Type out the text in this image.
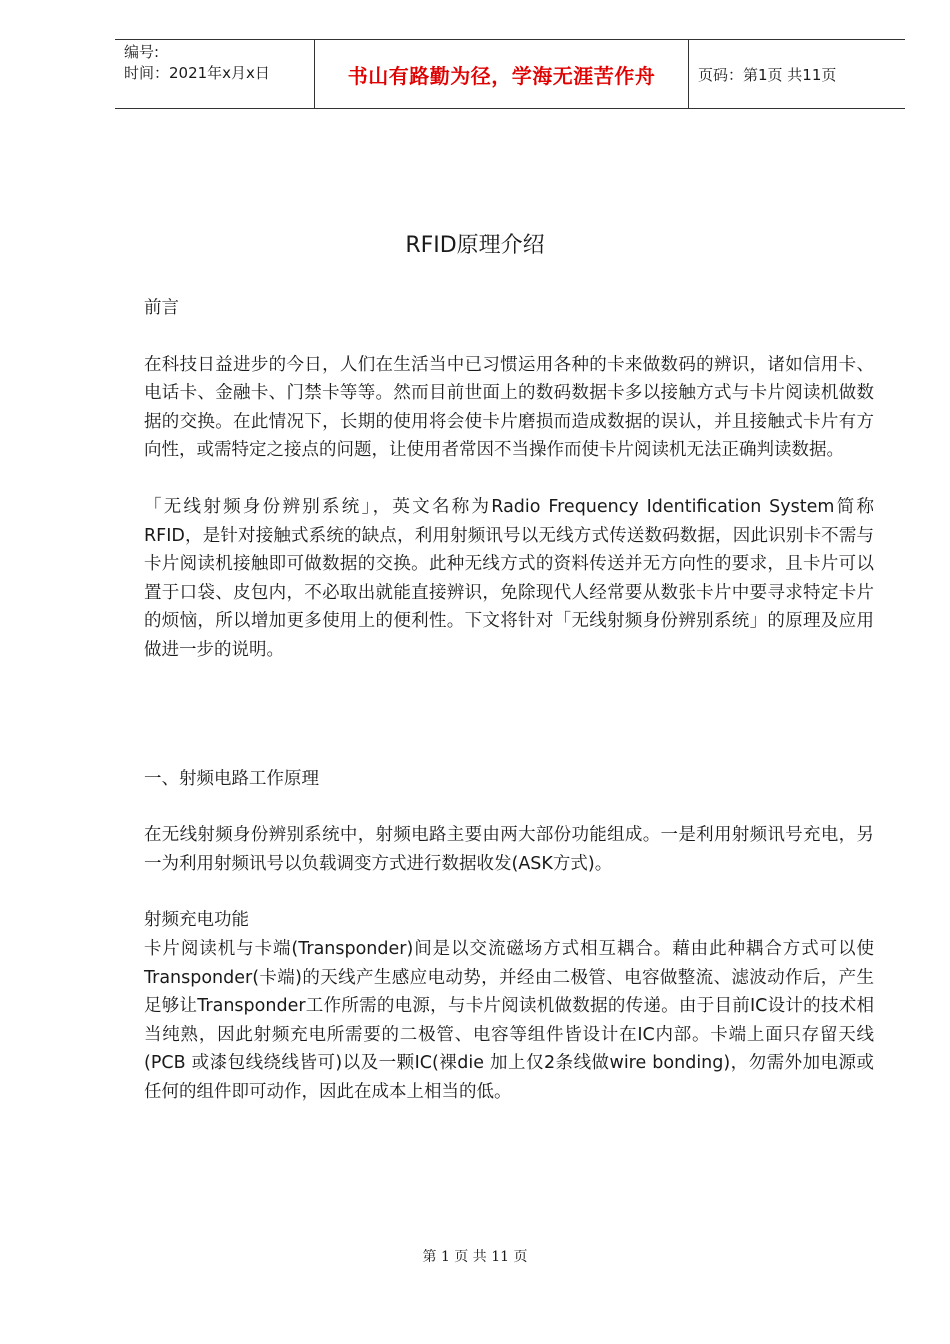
编号:
时间：2021年x月x日	书山有路勤为径，学海无涯苦作舟	页码：第1页 共11页
RFID原理介绍

前言

在科技日益进步的今日，人们在生活当中已习惯运用各种的卡来做数码的辨识，诸如信用卡、电话卡、金融卡、门禁卡等等。然而目前世面上的数码数据卡多以接触方式与卡片阅读机做数据的交换。在此情况下，长期的使用将会使卡片磨损而造成数据的误认，并且接触式卡片有方向性，或需特定之接点的问题，让使用者常因不当操作而使卡片阅读机无法正确判读数据。

「无线射频身份辨别系统」，英文名称为Radio Frequency Identification System简称RFID，是针对接触式系统的缺点，利用射频讯号以无线方式传送数码数据，因此识别卡不需与卡片阅读机接触即可做数据的交换。此种无线方式的资料传送并无方向性的要求，且卡片可以置于口袋、皮包内，不必取出就能直接辨识，免除现代人经常要从数张卡片中要寻求特定卡片的烦恼，所以增加更多使用上的便利性。下文将针对「无线射频身份辨别系统」的原理及应用做进一步的说明。

一、射频电路工作原理

在无线射频身份辨别系统中，射频电路主要由两大部份功能组成。一是利用射频讯号充电，另一为利用射频讯号以负载调变方式进行数据收发(ASK方式)。

射频充电功能

卡片阅读机与卡端(Transponder)间是以交流磁场方式相互耦合。藉由此种耦合方式可以使Transponder(卡端)的天线产生感应电动势，并经由二极管、电容做整流、滤波动作后，产生足够让Transponder工作所需的电源，与卡片阅读机做数据的传递。由于目前IC设计的技术相当纯熟，因此射频充电所需要的二极管、电容等组件皆设计在IC内部。卡端上面只存留天线(PCB 或漆包线绕线皆可)以及一颗IC(裸die 加上仅2条线做wire bonding)，勿需外加电源或任何的组件即可动作，因此在成本上相当的低。

第 1 页 共 11 页
